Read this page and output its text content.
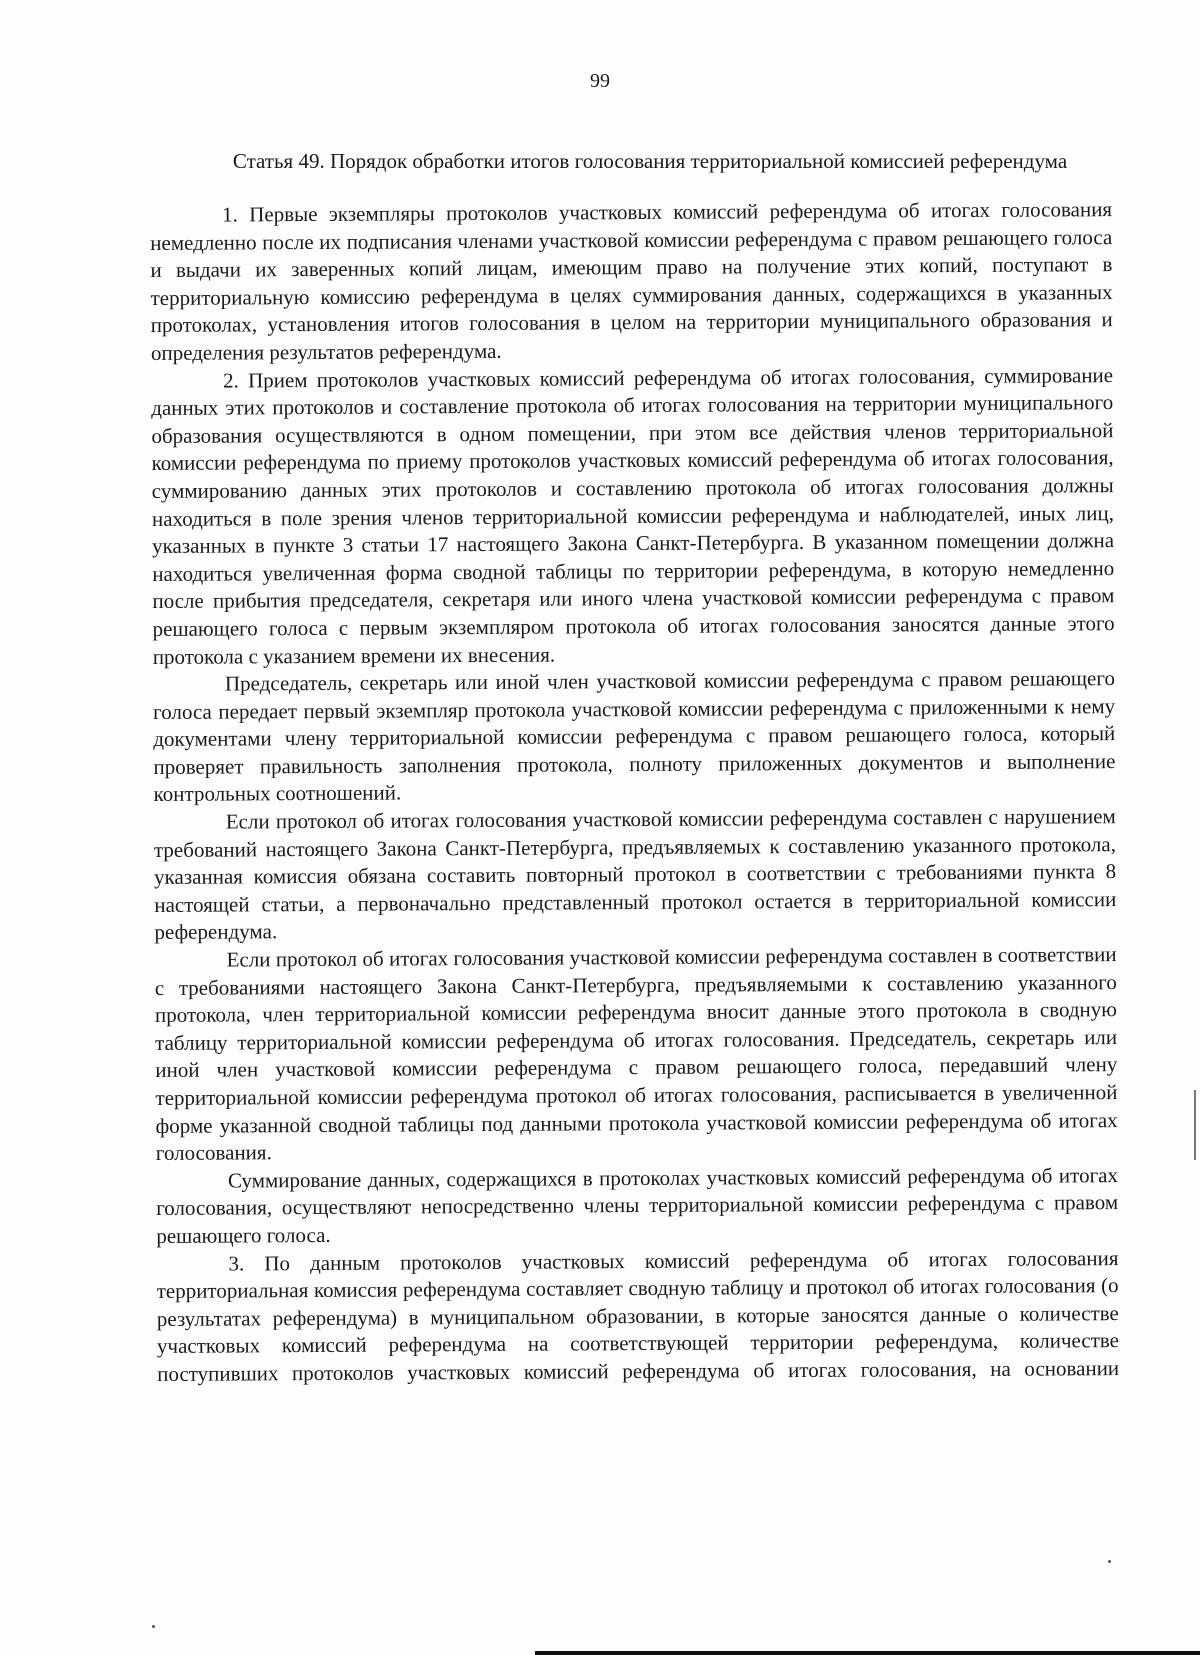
99
Статья 49. Порядок обработки итогов голосования территориальной комиссией референдума

1. Первые экземпляры протоколов участковых комиссий референдума об итогах голосования немедленно после их подписания членами участковой комиссии референдума с правом решающего голоса и выдачи их заверенных копий лицам, имеющим право на получение этих копий, поступают в территориальную комиссию референдума в целях суммирования данных, содержащихся в указанных протоколах, установления итогов голосования в целом на территории муниципального образования и определения результатов референдума.

2. Прием протоколов участковых комиссий референдума об итогах голосования, суммирование данных этих протоколов и составление протокола об итогах голосования на территории муниципального образования осуществляются в одном помещении, при этом все действия членов территориальной комиссии референдума по приему протоколов участковых комиссий референдума об итогах голосования, суммированию данных этих протоколов и составлению протокола об итогах голосования должны находиться в поле зрения членов территориальной комиссии референдума и наблюдателей, иных лиц, указанных в пункте 3 статьи 17 настоящего Закона Санкт-Петербурга. В указанном помещении должна находиться увеличенная форма сводной таблицы по территории референдума, в которую немедленно после прибытия председателя, секретаря или иного члена участковой комиссии референдума с правом решающего голоса с первым экземпляром протокола об итогах голосования заносятся данные этого протокола с указанием времени их внесения.

Председатель, секретарь или иной член участковой комиссии референдума с правом решающего голоса передает первый экземпляр протокола участковой комиссии референдума с приложенными к нему документами члену территориальной комиссии референдума с правом решающего голоса, который проверяет правильность заполнения протокола, полноту приложенных документов и выполнение контрольных соотношений.

Если протокол об итогах голосования участковой комиссии референдума составлен с нарушением требований настоящего Закона Санкт-Петербурга, предъявляемых к составлению указанного протокола, указанная комиссия обязана составить повторный протокол в соответствии с требованиями пункта 8 настоящей статьи, а первоначально представленный протокол остается в территориальной комиссии референдума.

Если протокол об итогах голосования участковой комиссии референдума составлен в соответствии с требованиями настоящего Закона Санкт-Петербурга, предъявляемыми к составлению указанного протокола, член территориальной комиссии референдума вносит данные этого протокола в сводную таблицу территориальной комиссии референдума об итогах голосования. Председатель, секретарь или иной член участковой комиссии референдума с правом решающего голоса, передавший члену территориальной комиссии референдума протокол об итогах голосования, расписывается в увеличенной форме указанной сводной таблицы под данными протокола участковой комиссии референдума об итогах голосования.

Суммирование данных, содержащихся в протоколах участковых комиссий референдума об итогах голосования, осуществляют непосредственно члены территориальной комиссии референдума с правом решающего голоса.

3. По данным протоколов участковых комиссий референдума об итогах голосования территориальная комиссия референдума составляет сводную таблицу и протокол об итогах голосования (о результатах референдума) в муниципальном образовании, в которые заносятся данные о количестве участковых комиссий референдума на соответствующей территории референдума, количестве поступивших протоколов участковых комиссий референдума об итогах голосования, на основании
